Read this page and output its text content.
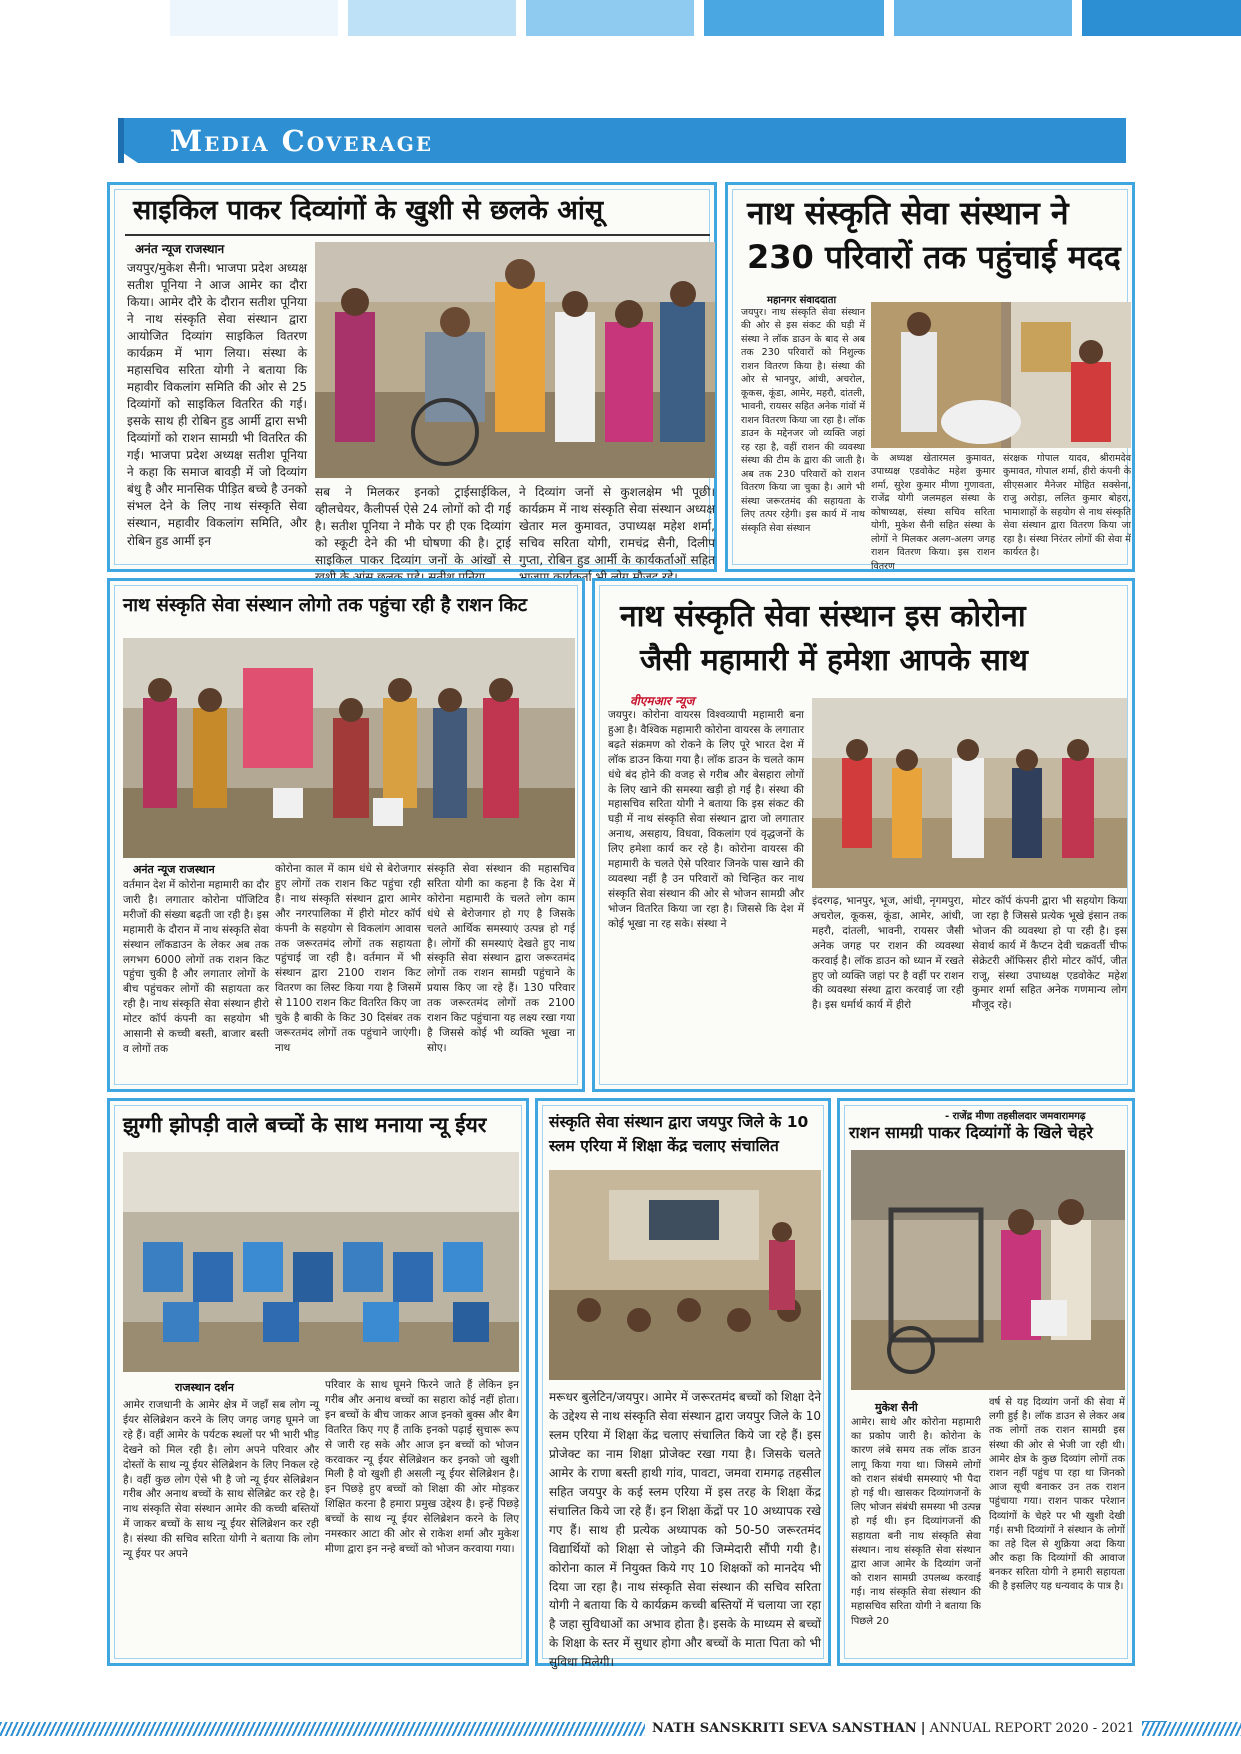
Media Coverage
साइकिल पाकर दिव्यांगों के खुशी से छलके आंसू
अनंत न्यूज राजस्थान
जयपुर/मुकेश सैनी। भाजपा प्रदेश अध्यक्ष सतीश पूनिया ने आज आमेर का दौरा किया। आमेर दौरे के दौरान सतीश पूनिया ने नाथ संस्कृति सेवा संस्थान द्वारा आयोजित दिव्यांग साइकिल वितरण कार्यक्रम में भाग लिया। संस्था के महासचिव सरिता योगी ने बताया कि महावीर विकलांग समिति की ओर से 25 दिव्यांगों को साइकिल वितरित की गई। इसके साथ ही रोबिन हुड आर्मी द्वारा सभी दिव्यांगों को राशन सामग्री भी वितरित की गई। भाजपा प्रदेश अध्यक्ष सतीश पूनिया ने कहा कि समाज बावड़ी में जो दिव्यांग बंधु है और मानसिक पीड़ित बच्चे है उनको संभल देने के लिए नाथ संस्कृति सेवा संस्थान, महावीर विकलांग समिति, और रोबिन हुड आर्मी इन
सब ने मिलकर इनको ट्राईसाईकिल, व्हीलचेयर, कैलीपर्स ऐसे 24 लोगों को दी गई है। सतीश पूनिया ने मौके पर ही एक दिव्यांग को स्कूटी देने की भी घोषणा की है। ट्राई साइकिल पाकर दिव्यांग जनों के आंखों से
ने दिव्यांग जनों से कुशलक्षेम भी पूछी। कार्यक्रम में नाथ संस्कृति सेवा संस्थान अध्यक्ष खेतार मल कुमावत, उपाध्यक्ष महेश शर्मा, सचिव सरिता योगी, रामचंद्र सैनी, दिलीप गुप्ता, रोबिन हुड आर्मी के कार्यकर्ताओं सहित
नाथ संस्कृति सेवा संस्थान ने
230 परिवारों तक पहुंचाई मदद
महानगर संवाददाता
जयपुर। नाथ संस्कृति सेवा संस्थान की ओर से इस संकट की घड़ी में संस्था ने लॉक डाउन के बाद से अब तक 230 परिवारों को निशुल्क राशन वितरण किया है। संस्था की ओर से भानपुर, आंधी, अचरोल, कूकस, कूंडा, आमेर, महरौ, दांतली, भावनी, रायसर सहित अनेक गांवों में राशन वितरण किया जा रहा है। लॉक डाउन के मद्देनजर जो व्यक्ति जहां रह रहा है, वहीं राशन की व्यवस्था संस्था की टीम के द्वारा की जाती है। अब तक 230 परिवारों को राशन वितरण किया जा चुका है। आगे भी संस्था जरूरतमंद की सहायता के लिए तत्पर रहेगी। इस कार्य में नाथ संस्कृति सेवा संस्थान
के अध्यक्ष खेतारमल कुमावत, उपाध्यक्ष एडवोकेट महेश कुमार शर्मा, सुरेश कुमार मीणा गुणावता, राजेंद्र योगी जलमहल संस्था के कोषाध्यक्ष, संस्था सचिव सरिता योगी, मुकेश सैनी सहित संस्था के लोगों ने मिलकर अलग-अलग जगह राशन वितरण किया। इस राशन वितरण
संरक्षक गोपाल यादव, श्रीरामदेव कुमावत, गोपाल शर्मा, हीरो कंपनी के सीएसआर मैनेजर मोहित सक्सेना, राजु अरोड़ा, ललित कुमार बोहरा, भामाशाहों के सहयोग से नाथ संस्कृति सेवा संस्थान द्वारा वितरण किया जा रहा है। संस्था निरंतर लोगों की सेवा में कार्यरत है।
नाथ संस्कृति सेवा संस्थान लोगो तक पहुंचा रही है राशन किट
अनंत न्यूज राजस्थान
वर्तमान देश में कोरोना महामारी का दौर जारी है। लगातार कोरोना पॉजिटिव मरीजों की संख्या बढ़ती जा रही है। इस महामारी के दौरान में नाथ संस्कृति सेवा संस्थान लॉकडाउन के लेकर अब तक लगभग 6000 लोगों तक राशन किट पहुंचा चुकी है और लगातार लोगों के बीच पहुंचकर लोगों की सहायता कर रही है। नाथ संस्कृति सेवा संस्थान हीरो मोटर कॉर्प कंपनी का सहयोग भी आसानी से कच्ची बस्ती, बाजार बस्ती व लोगों तक
कोरोना काल में काम धंधे से बेरोजगार हुए लोगों तक राशन किट पहुंचा रही है। नाथ संस्कृति संस्थान द्वारा आमेर और नगरपालिका में हीरो मोटर कॉर्प कंपनी के सहयोग से विकलांग आवास तक जरूरतमंद लोगों तक सहायता पहुंचाई जा रही है। वर्तमान में भी संस्थान द्वारा 2100 राशन किट वितरण का लिस्ट किया गया है जिसमें से 1100 राशन किट वितरित किए जा चुके है बाकी के किट 30 दिसंबर तक जरूरतमंद लोगों तक पहुंचाने जाएंगी। नाथ
संस्कृति सेवा संस्थान की महासचिव सरिता योगी का कहना है कि देश में कोरोना महामारी के चलते लोग काम धंधे से बेरोजगार हो गए है जिसके चलते आर्थिक समस्याएं उत्पन्न हो गई है। लोगों की समस्याएं देखते हुए नाथ संस्कृति सेवा संस्थान द्वारा जरूरतमंद लोगों तक राशन सामग्री पहुंचाने के प्रयास किए जा रहे हैं। 130 परिवार तक जरूरतमंद लोगों तक 2100 राशन किट पहुंचाना यह लक्ष्य रखा गया है जिससे कोई भी व्यक्ति भूखा ना सोए।
नाथ संस्कृति सेवा संस्थान इस कोरोना
जैसी महामारी में हमेशा आपके साथ
वीएमआर न्यूज
जयपुर। कोरोना वायरस विश्वव्यापी महामारी बना हुआ है। वैश्विक महामारी कोरोना वायरस के लगातार बढ़ते संक्रमण को रोकने के लिए पूरे भारत देश में लॉक डाउन किया गया है। लॉक डाउन के चलते काम धंधे बंद होने की वजह से गरीब और बेसहारा लोगों के लिए खाने की समस्या खड़ी हो गई है। संस्था की महासचिव सरिता योगी ने बताया कि इस संकट की घड़ी में नाथ संस्कृति सेवा संस्थान द्वारा जो लगातार अनाथ, असहाय, विधवा, विकलांग एवं वृद्धजनों के लिए हमेशा कार्य कर रहे है। कोरोना वायरस की महामारी के चलते ऐसे परिवार जिनके पास खाने की व्यवस्था नहीं है उन परिवारों को चिन्हित कर नाथ संस्कृति सेवा संस्थान की ओर से भोजन सामग्री और भोजन वितरित किया जा रहा है। जिससे कि देश में कोई भूखा ना रह सके। संस्था ने
इंदरगढ़, भानपुर, भूज, आंधी, नृगमपुरा, अचरोल, कूकस, कूंडा, आमेर, आंधी, महरौ, दांतली, भावनी, रायसर जैसी अनेक जगह पर राशन की व्यवस्था करवाई है। लॉक डाउन को ध्यान में रखते हुए जो व्यक्ति जहां पर है वहीं पर राशन की व्यवस्था संस्था द्वारा करवाई जा रही है। इस धर्मार्थ कार्य में हीरो
मोटर कॉर्प कंपनी द्वारा भी सहयोग किया जा रहा है जिससे प्रत्येक भूखे इंसान तक भोजन की व्यवस्था हो पा रही है। इस सेवार्थ कार्य में कैप्टन देवी चक्रवर्ती चीफ सेक्रेटरी ऑफिसर हीरो मोटर कॉर्प, जीत राजू, संस्था उपाध्यक्ष एडवोकेट महेश कुमार शर्मा सहित अनेक गणमान्य लोग मौजूद रहे।
झुग्गी झोपड़ी वाले बच्चों के साथ मनाया न्यू ईयर
राजस्थान दर्शन
आमेर राजधानी के आमेर क्षेत्र में जहाँ सब लोग न्यू ईयर सेलिब्रेशन करने के लिए जगह जगह घूमने जा रहे हैं। वहीं आमेर के पर्यटक स्थलों पर भी भारी भीड़ देखने को मिल रही है। लोग अपने परिवार और दोस्तों के साथ न्यू ईयर सेलिब्रेशन के लिए निकल रहे है। वहीं कुछ लोग ऐसे भी है जो न्यू ईयर सेलिब्रेशन गरीब और अनाथ बच्चों के साथ सेलिब्रेट कर रहे है। नाथ संस्कृति सेवा संस्थान आमेर की कच्ची बस्तियों में जाकर बच्चों के साथ न्यू ईयर सेलिब्रेशन कर रही है। संस्था की सचिव सरिता योगी ने बताया कि लोग न्यू ईयर पर अपने
परिवार के साथ घूमने फिरने जाते हैं लेकिन इन गरीब और अनाथ बच्चों का सहारा कोई नहीं होता। इन बच्चों के बीच जाकर आज इनको बुक्स और बैग वितरित किए गए हैं ताकि इनको पढ़ाई सुचारू रूप से जारी रह सके और आज इन बच्चों को भोजन करवाकर न्यू ईयर सेलिब्रेशन कर इनको जो खुशी मिली है वो खुशी ही असली न्यू ईयर सेलिब्रेशन है। इन पिछड़े हुए बच्चों को शिक्षा की ओर मोड़कर शिक्षित करना है हमारा प्रमुख उद्देश्य है। इन्हें पिछड़े बच्चों के साथ न्यू ईयर सेलिब्रेशन करने के लिए नमस्कार आटा की ओर से राकेश शर्मा और मुकेश मीणा द्वारा इन नन्हे बच्चों को भोजन करवाया गया।
संस्कृति सेवा संस्थान द्वारा जयपुर जिले के 10
स्लम एरिया में शिक्षा केंद्र चलाए संचालित
मरूधर बुलेटिन/जयपुर। आमेर में जरूरतमंद बच्चों को शिक्षा देने के उद्देश्य से नाथ संस्कृति सेवा संस्थान द्वारा जयपुर जिले के 10 स्लम एरिया में शिक्षा केंद्र चलाए संचालित किये जा रहे हैं। इस प्रोजेक्ट का नाम शिक्षा प्रोजेक्ट रखा गया है। जिसके चलते आमेर के राणा बस्ती हाथी गांव, पावटा, जमवा रामगढ़ तहसील सहित जयपुर के कई स्लम एरिया में इस तरह के शिक्षा केंद्र संचालित किये जा रहे हैं। इन शिक्षा केंद्रों पर 10 अध्यापक रखे गए हैं। साथ ही प्रत्येक अध्यापक को 50-50 जरूरतमंद विद्यार्थियों को शिक्षा से जोड़ने की जिम्मेदारी सौंपी गयी है। कोरोना काल में नियुक्त किये गए 10 शिक्षकों को मानदेय भी दिया जा रहा है। नाथ संस्कृति सेवा संस्थान की सचिव सरिता योगी ने बताया कि ये कार्यक्रम कच्ची बस्तियों में चलाया जा रहा है जहा सुविधाओं का अभाव होता है। इसके के माध्यम से बच्चों के शिक्षा के स्तर में सुधार होगा और बच्चों के माता पिता को भी सुविधा मिलेगी।
- राजेंद्र मीणा तहसीलदार जमवारामगढ़
राशन सामग्री पाकर दिव्यांगों के खिले चेहरे
मुकेश सैनी
आमेर। साथे और कोरोना महामारी का प्रकोप जारी है। कोरोना के कारण लंबे समय तक लॉक डाउन लागू किया गया था। जिसमे लोगों को राशन संबंधी समस्याएं भी पैदा हो गई थी। खासकर दिव्यांगजनों के लिए भोजन संबंधी समस्या भी उत्पन्न हो गई थी। इन दिव्यांगजनों की सहायता बनी नाथ संस्कृति सेवा संस्थान। नाथ संस्कृति सेवा संस्थान द्वारा आज आमेर के दिव्यांग जनों को राशन सामग्री उपलब्ध करवाई गई। नाथ संस्कृति सेवा संस्थान की महासचिव सरिता योगी ने बताया कि पिछले 20
वर्ष से यह दिव्यांग जनों की सेवा में लगी हुई है। लॉक डाउन से लेकर अब तक लोगों तक राशन सामग्री इस संस्था की ओर से भेजी जा रही थी। आमेर क्षेत्र के कुछ दिव्यांग लोगों तक राशन नहीं पहुंच पा रहा था जिनको आज सूची बनाकर उन तक राशन पहुंचाया गया। राशन पाकर परेशान दिव्यांगों के चेहरे पर भी खुशी देखी गई। सभी दिव्यांगों ने संस्थान के लोगों का तहे दिल से शुक्रिया अदा किया और कहा कि दिव्यांगों की आवाज बनकर सरिता योगी ने हमारी सहायता की है इसलिए यह धन्यवाद के पात्र है।
NATH SANSKRITI SEVA SANSTHAN | ANNUAL REPORT 2020 - 2021
